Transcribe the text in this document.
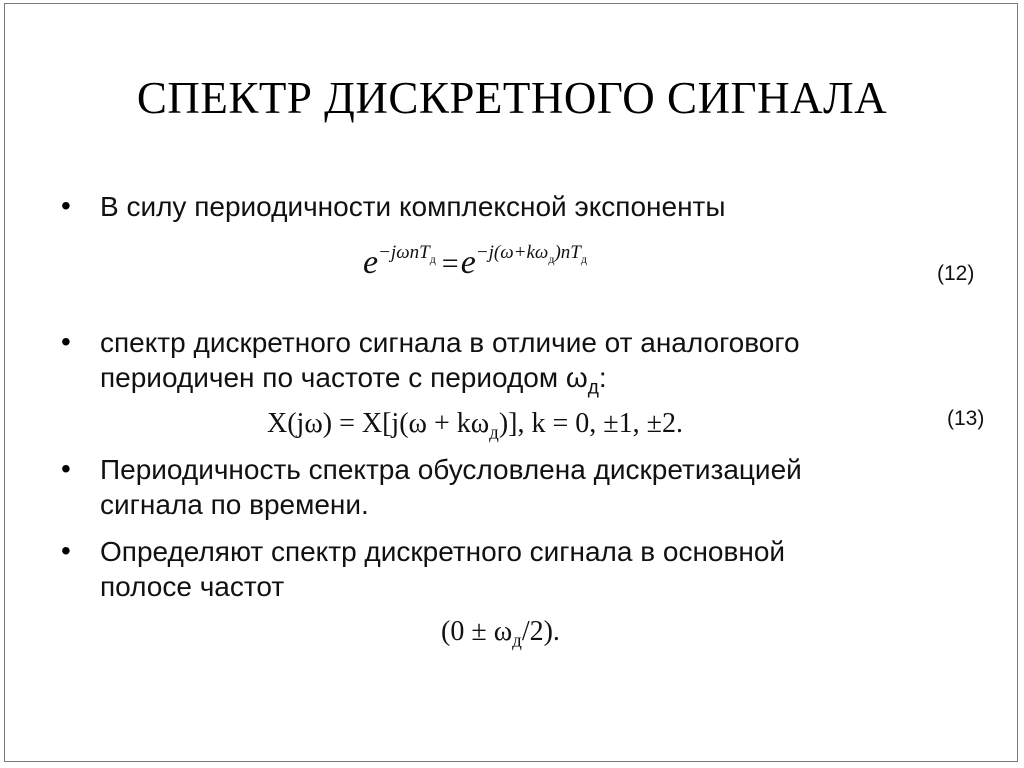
СПЕКТР ДИСКРЕТНОГО СИГНАЛА
• В силу периодичности комплексной экспоненты
$e-j\omega nT_д =e-j(\omega+k\omega_д)nT_д$
(12)
• спектр дискретного сигнала в отличие от аналогового
периодичен по частоте с периодом $\omega_д$:
$X(j\omega) = X[j(\omega + k\omega_д)]$, k = 0, ±1, ±2.	(13)
• Периодичность спектра обусловлена дискретизацией
сигнала по времени.
• Определяют спектр дискретного сигнала в основной
полосе частот
$(0 \pm \omega_д/2)$.
